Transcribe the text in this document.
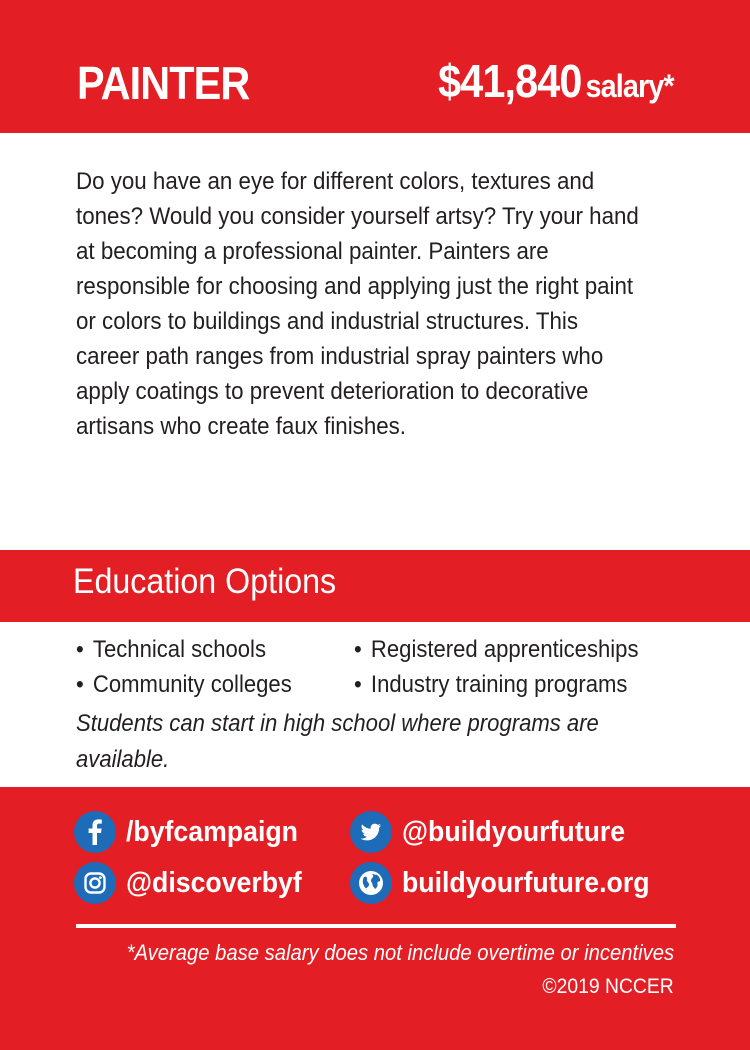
PAINTER	$41,840 salary*

Do you have an eye for different colors, textures and tones? Would you consider yourself artsy? Try your hand at becoming a professional painter. Painters are responsible for choosing and applying just the right paint or colors to buildings and industrial structures. This career path ranges from industrial spray painters who apply coatings to prevent deterioration to decorative artisans who create faux finishes.

Education Options
• Technical schools	• Registered apprenticeships
• Community colleges	• Industry training programs

Students can start in high school where programs are available.

/byfcampaign	@buildyourfuture
@discoverbyf	buildyourfuture.org

*Average base salary does not include overtime or incentives

©2019 NCCER
